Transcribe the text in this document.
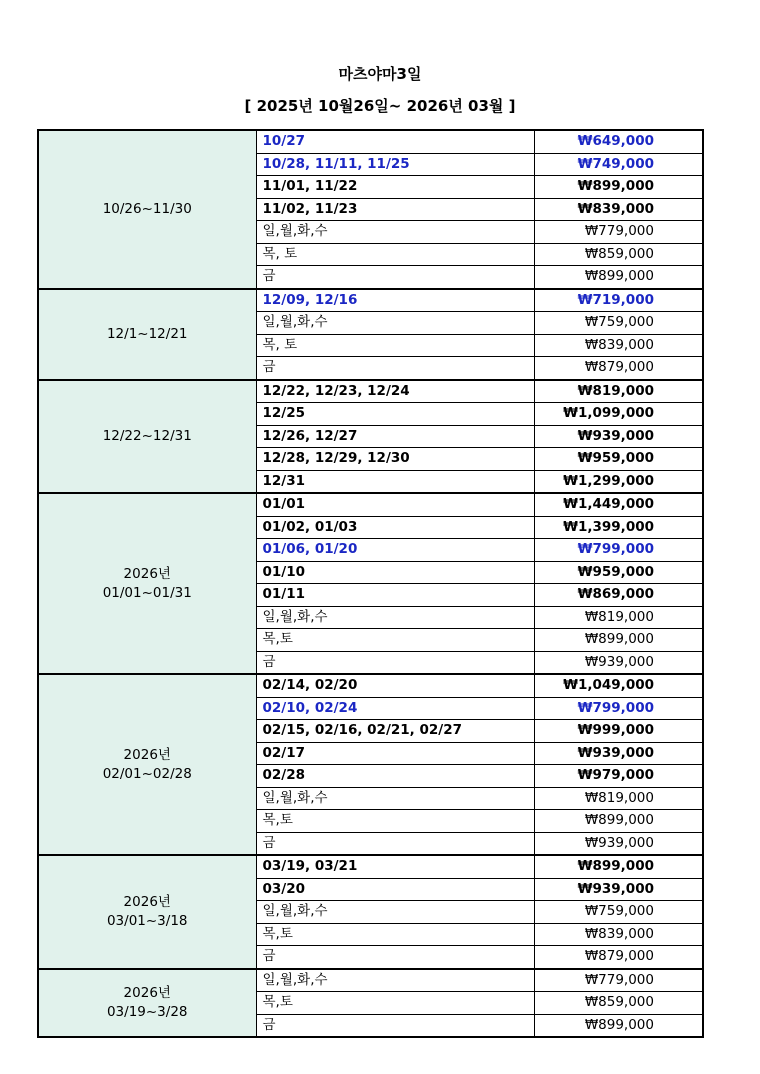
마츠야마3일
[ 2025년 10월26일~ 2026년 03월 ]
10/26~11/30	10/27	₩649,000
	10/28, 11/11, 11/25	₩749,000
	11/01, 11/22	₩899,000
	11/02, 11/23	₩839,000
	일,월,화,수	₩779,000
	목, 토	₩859,000
	금	₩899,000

12/1~12/21	12/09, 12/16	₩719,000
	일,월,화,수	₩759,000
	목, 토	₩839,000
	금	₩879,000

12/22~12/31	12/22, 12/23, 12/24	₩819,000
	12/25	₩1,099,000
	12/26, 12/27	₩939,000
	12/28, 12/29, 12/30	₩959,000
	12/31	₩1,299,000

2026년
01/01~01/31	01/01	₩1,449,000
	01/02, 01/03	₩1,399,000
	01/06, 01/20	₩799,000
	01/10	₩959,000
	01/11	₩869,000
	일,월,화,수	₩819,000
	목,토	₩899,000
	금	₩939,000

2026년
02/01~02/28	02/14, 02/20	₩1,049,000
	02/10, 02/24	₩799,000
	02/15, 02/16, 02/21, 02/27	₩999,000
	02/17	₩939,000
	02/28	₩979,000
	일,월,화,수	₩819,000
	목,토	₩899,000
	금	₩939,000

2026년
03/01~3/18	03/19, 03/21	₩899,000
	03/20	₩939,000
	일,월,화,수	₩759,000
	목,토	₩839,000
	금	₩879,000

2026년
03/19~3/28	일,월,화,수	₩779,000
	목,토	₩859,000
	금	₩899,000
